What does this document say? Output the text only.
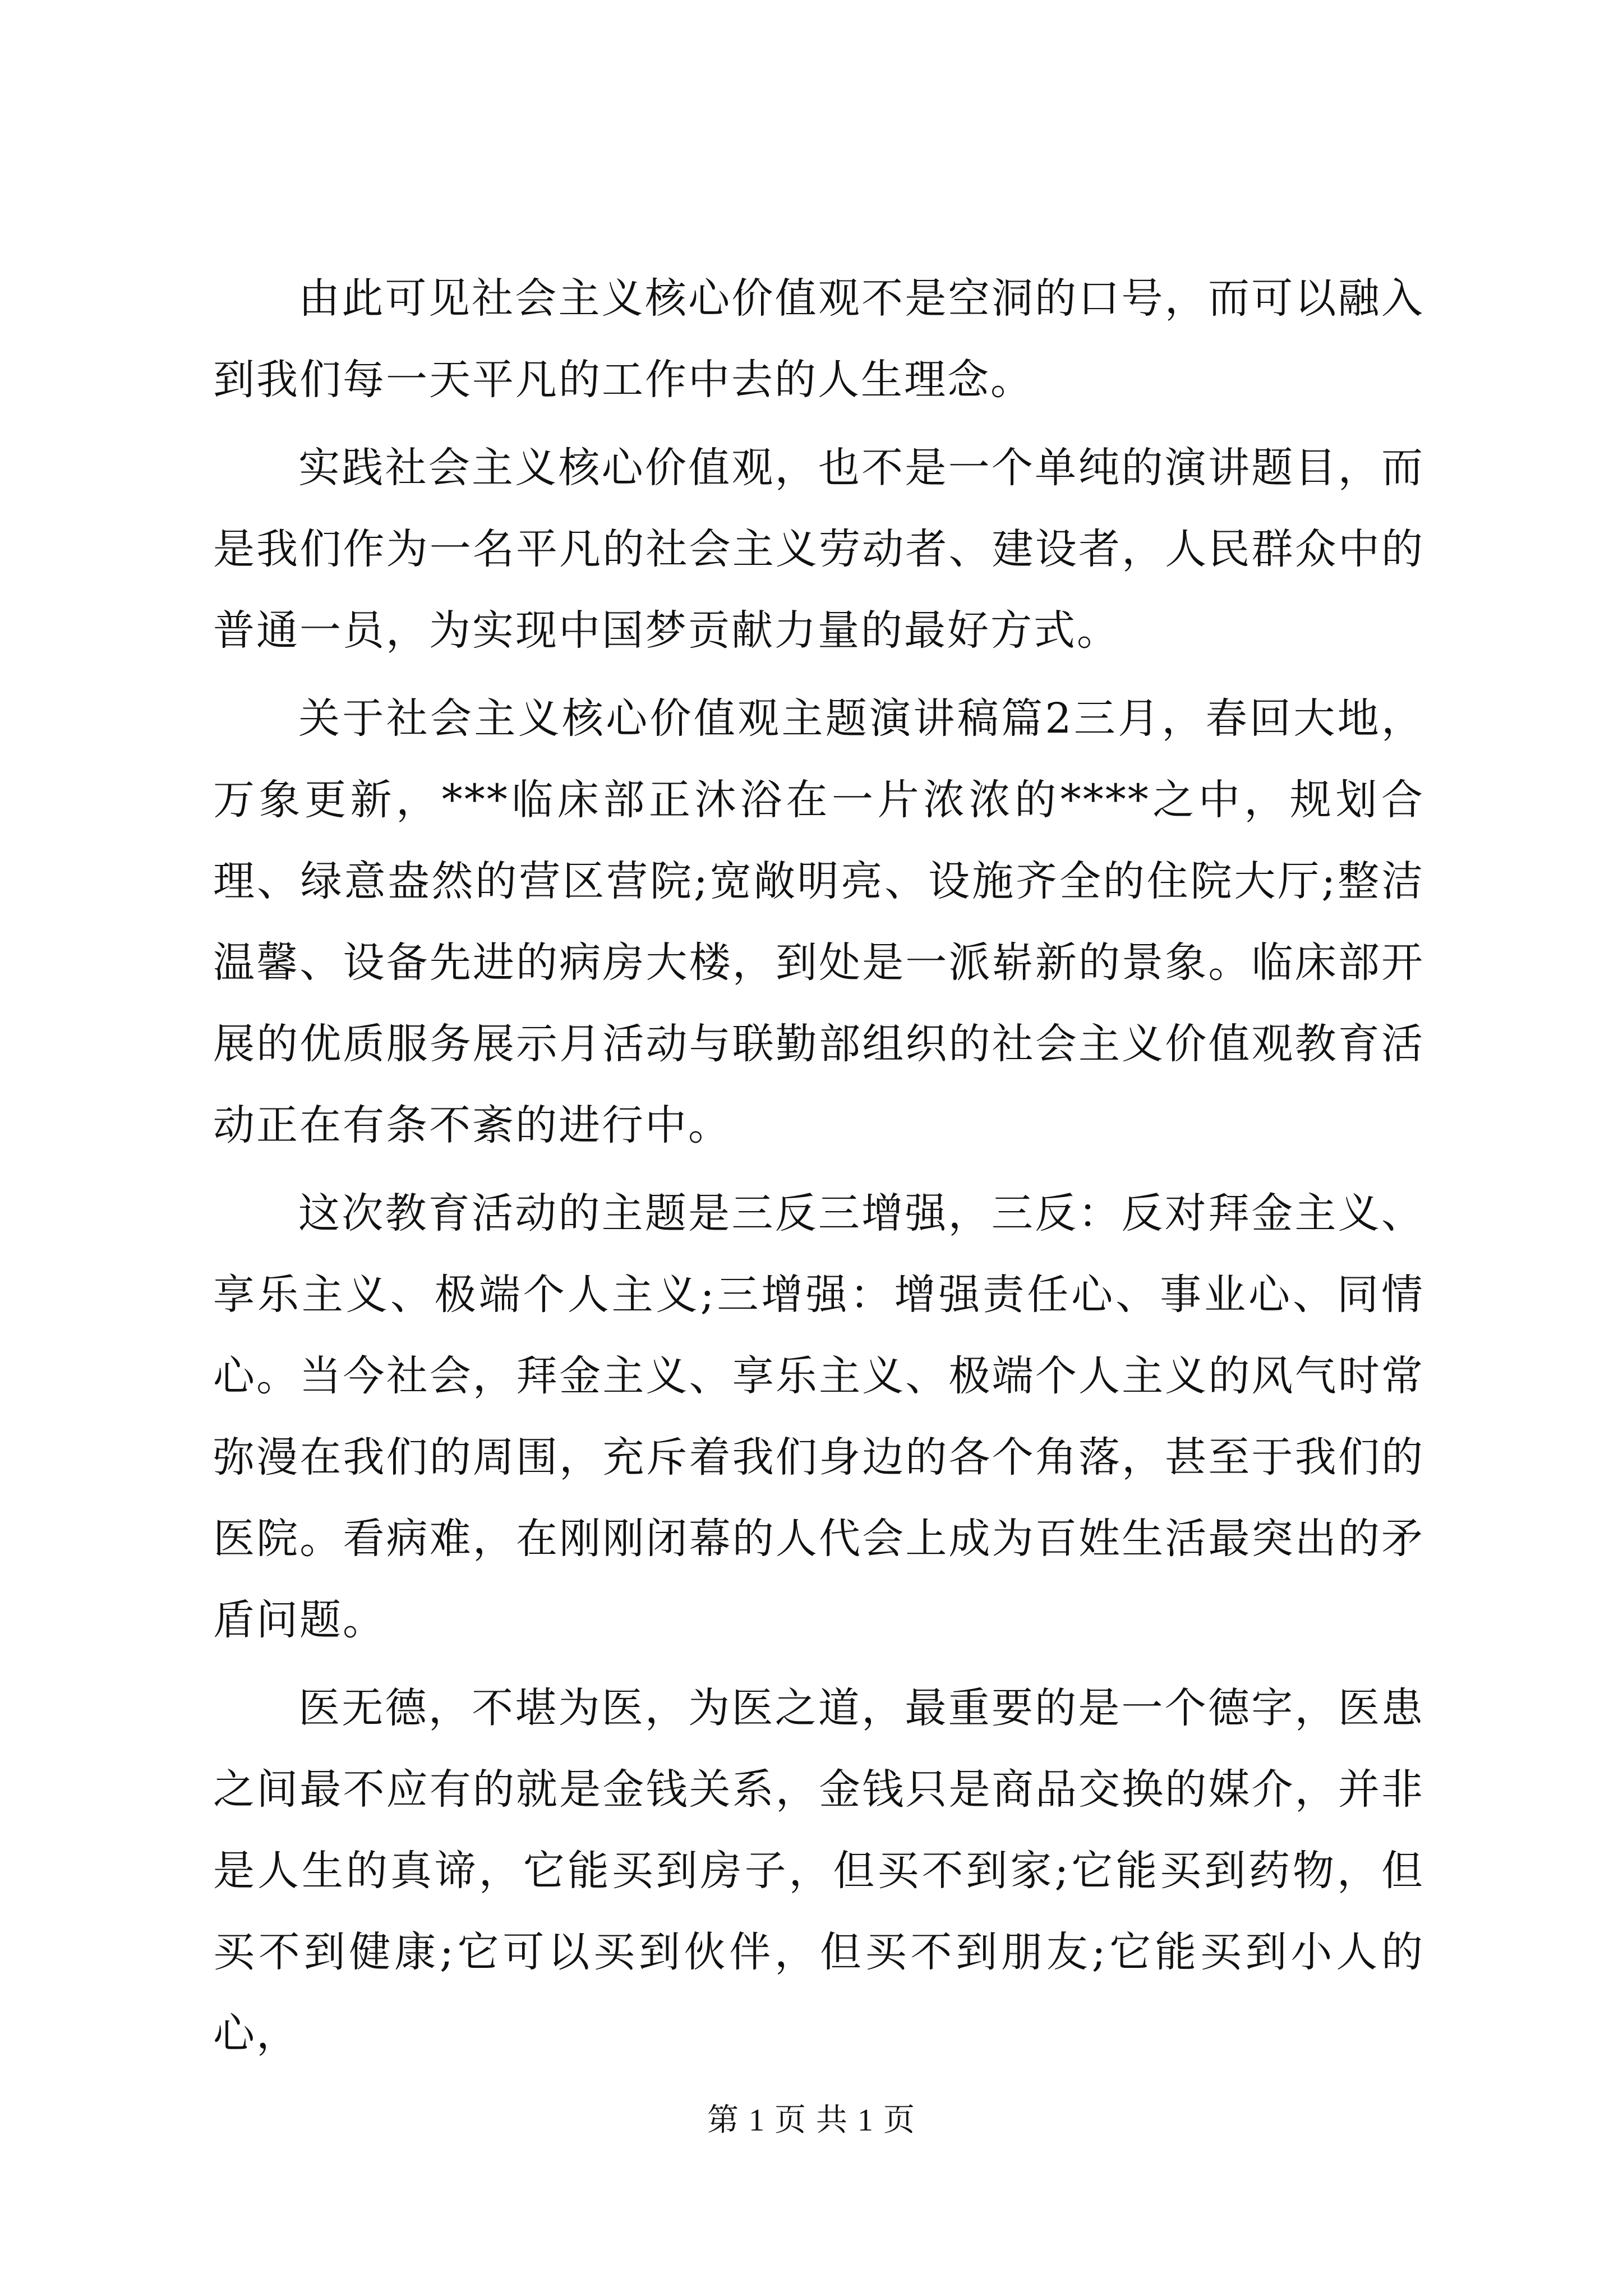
由此可见社会主义核心价值观不是空洞的口号，而可以融入到我们每一天平凡的工作中去的人生理念。

实践社会主义核心价值观，也不是一个单纯的演讲题目，而是我们作为一名平凡的社会主义劳动者、建设者，人民群众中的普通一员，为实现中国梦贡献力量的最好方式。

关于社会主义核心价值观主题演讲稿篇2三月，春回大地，万象更新，***临床部正沐浴在一片浓浓的****之中，规划合理、绿意盎然的营区营院;宽敞明亮、设施齐全的住院大厅;整洁温馨、设备先进的病房大楼，到处是一派崭新的景象。临床部开展的优质服务展示月活动与联勤部组织的社会主义价值观教育活动正在有条不紊的进行中。

这次教育活动的主题是三反三增强，三反：反对拜金主义、享乐主义、极端个人主义;三增强：增强责任心、事业心、同情心。当今社会，拜金主义、享乐主义、极端个人主义的风气时常弥漫在我们的周围，充斥着我们身边的各个角落，甚至于我们的医院。看病难，在刚刚闭幕的人代会上成为百姓生活最突出的矛盾问题。

医无德，不堪为医，为医之道，最重要的是一个德字，医患之间最不应有的就是金钱关系，金钱只是商品交换的媒介，并非是人生的真谛，它能买到房子，但买不到家;它能买到药物，但买不到健康;它可以买到伙伴，但买不到朋友;它能买到小人的心，

第 1 页 共 1 页
